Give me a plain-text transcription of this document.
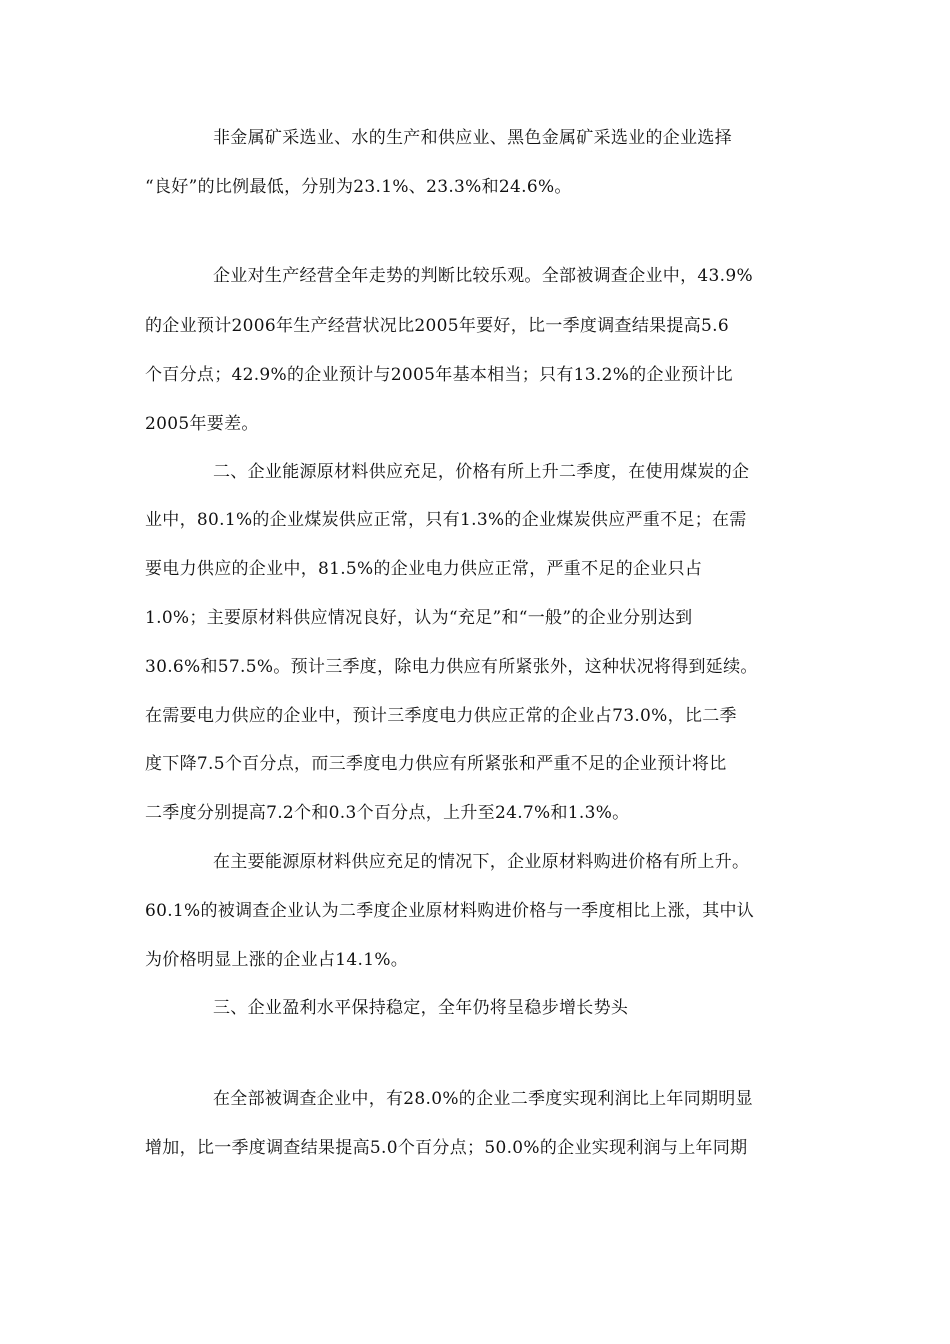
非金属矿采选业、水的生产和供应业、黑色金属矿采选业的企业选择
“良好”的比例最低，分别为23.1%、23.3%和24.6%。
企业对生产经营全年走势的判断比较乐观。全部被调查企业中，43.9%
的企业预计2006年生产经营状况比2005年要好，比一季度调查结果提高5.6
个百分点；42.9%的企业预计与2005年基本相当；只有13.2%的企业预计比
2005年要差。
二、企业能源原材料供应充足，价格有所上升二季度，在使用煤炭的企
业中，80.1%的企业煤炭供应正常，只有1.3%的企业煤炭供应严重不足；在需
要电力供应的企业中，81.5%的企业电力供应正常，严重不足的企业只占
1.0%；主要原材料供应情况良好，认为“充足”和“一般”的企业分别达到
30.6%和57.5%。预计三季度，除电力供应有所紧张外，这种状况将得到延续。
在需要电力供应的企业中，预计三季度电力供应正常的企业占73.0%，比二季
度下降7.5个百分点，而三季度电力供应有所紧张和严重不足的企业预计将比
二季度分别提高7.2个和0.3个百分点，上升至24.7%和1.3%。
在主要能源原材料供应充足的情况下，企业原材料购进价格有所上升。
60.1%的被调查企业认为二季度企业原材料购进价格与一季度相比上涨，其中认
为价格明显上涨的企业占14.1%。
三、企业盈利水平保持稳定，全年仍将呈稳步增长势头
在全部被调查企业中，有28.0%的企业二季度实现利润比上年同期明显
增加，比一季度调查结果提高5.0个百分点；50.0%的企业实现利润与上年同期
